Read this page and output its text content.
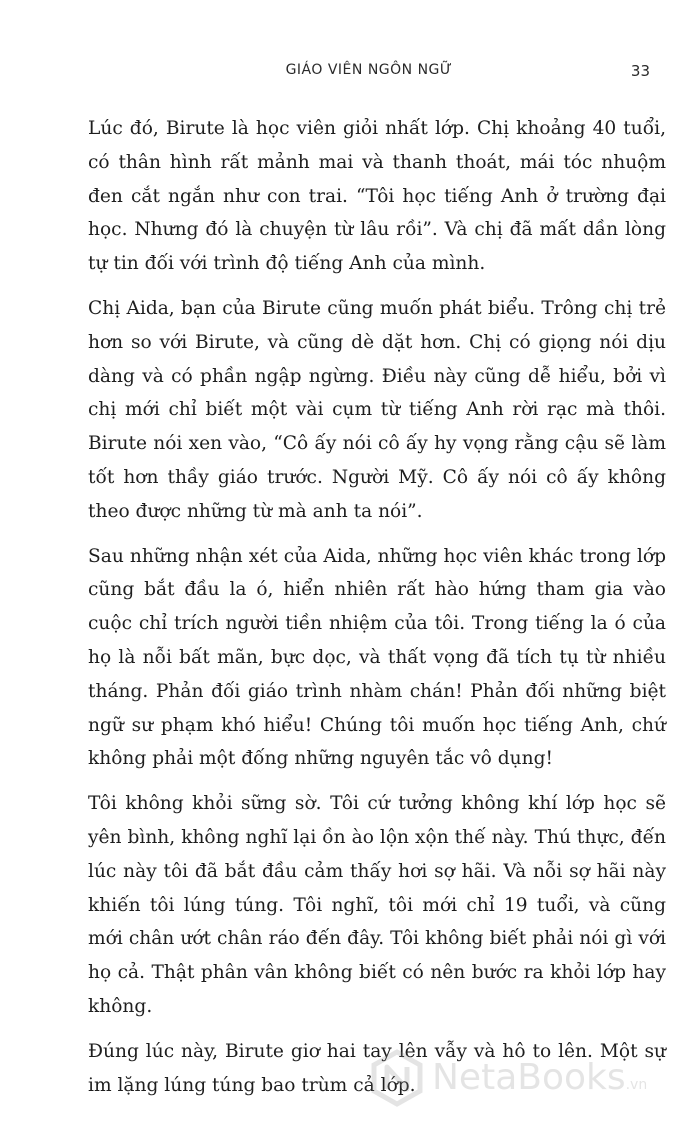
GIÁO VIÊN NGÔN NGỮ	33

Lúc đó, Birute là học viên giỏi nhất lớp. Chị khoảng 40 tuổi, có thân hình rất mảnh mai và thanh thoát, mái tóc nhuộm đen cắt ngắn như con trai. “Tôi học tiếng Anh ở trường đại học. Nhưng đó là chuyện từ lâu rồi”. Và chị đã mất dần lòng tự tin đối với trình độ tiếng Anh của mình.

Chị Aida, bạn của Birute cũng muốn phát biểu. Trông chị trẻ hơn so với Birute, và cũng dè dặt hơn. Chị có giọng nói dịu dàng và có phần ngập ngừng. Điều này cũng dễ hiểu, bởi vì chị mới chỉ biết một vài cụm từ tiếng Anh rời rạc mà thôi. Birute nói xen vào, “Cô ấy nói cô ấy hy vọng rằng cậu sẽ làm tốt hơn thầy giáo trước. Người Mỹ. Cô ấy nói cô ấy không theo được những từ mà anh ta nói”.

Sau những nhận xét của Aida, những học viên khác trong lớp cũng bắt đầu la ó, hiển nhiên rất hào hứng tham gia vào cuộc chỉ trích người tiền nhiệm của tôi. Trong tiếng la ó của họ là nỗi bất mãn, bực dọc, và thất vọng đã tích tụ từ nhiều tháng. Phản đối giáo trình nhàm chán! Phản đối những biệt ngữ sư phạm khó hiểu! Chúng tôi muốn học tiếng Anh, chứ không phải một đống những nguyên tắc vô dụng!

Tôi không khỏi sững sờ. Tôi cứ tưởng không khí lớp học sẽ yên bình, không nghĩ lại ồn ào lộn xộn thế này. Thú thực, đến lúc này tôi đã bắt đầu cảm thấy hơi sợ hãi. Và nỗi sợ hãi này khiến tôi lúng túng. Tôi nghĩ, tôi mới chỉ 19 tuổi, và cũng mới chân ướt chân ráo đến đây. Tôi không biết phải nói gì với họ cả. Thật phân vân không biết có nên bước ra khỏi lớp hay không.

Đúng lúc này, Birute giơ hai tay lên vẫy và hô to lên. Một sự im lặng lúng túng bao trùm cả lớp. NetaBooks.vn
